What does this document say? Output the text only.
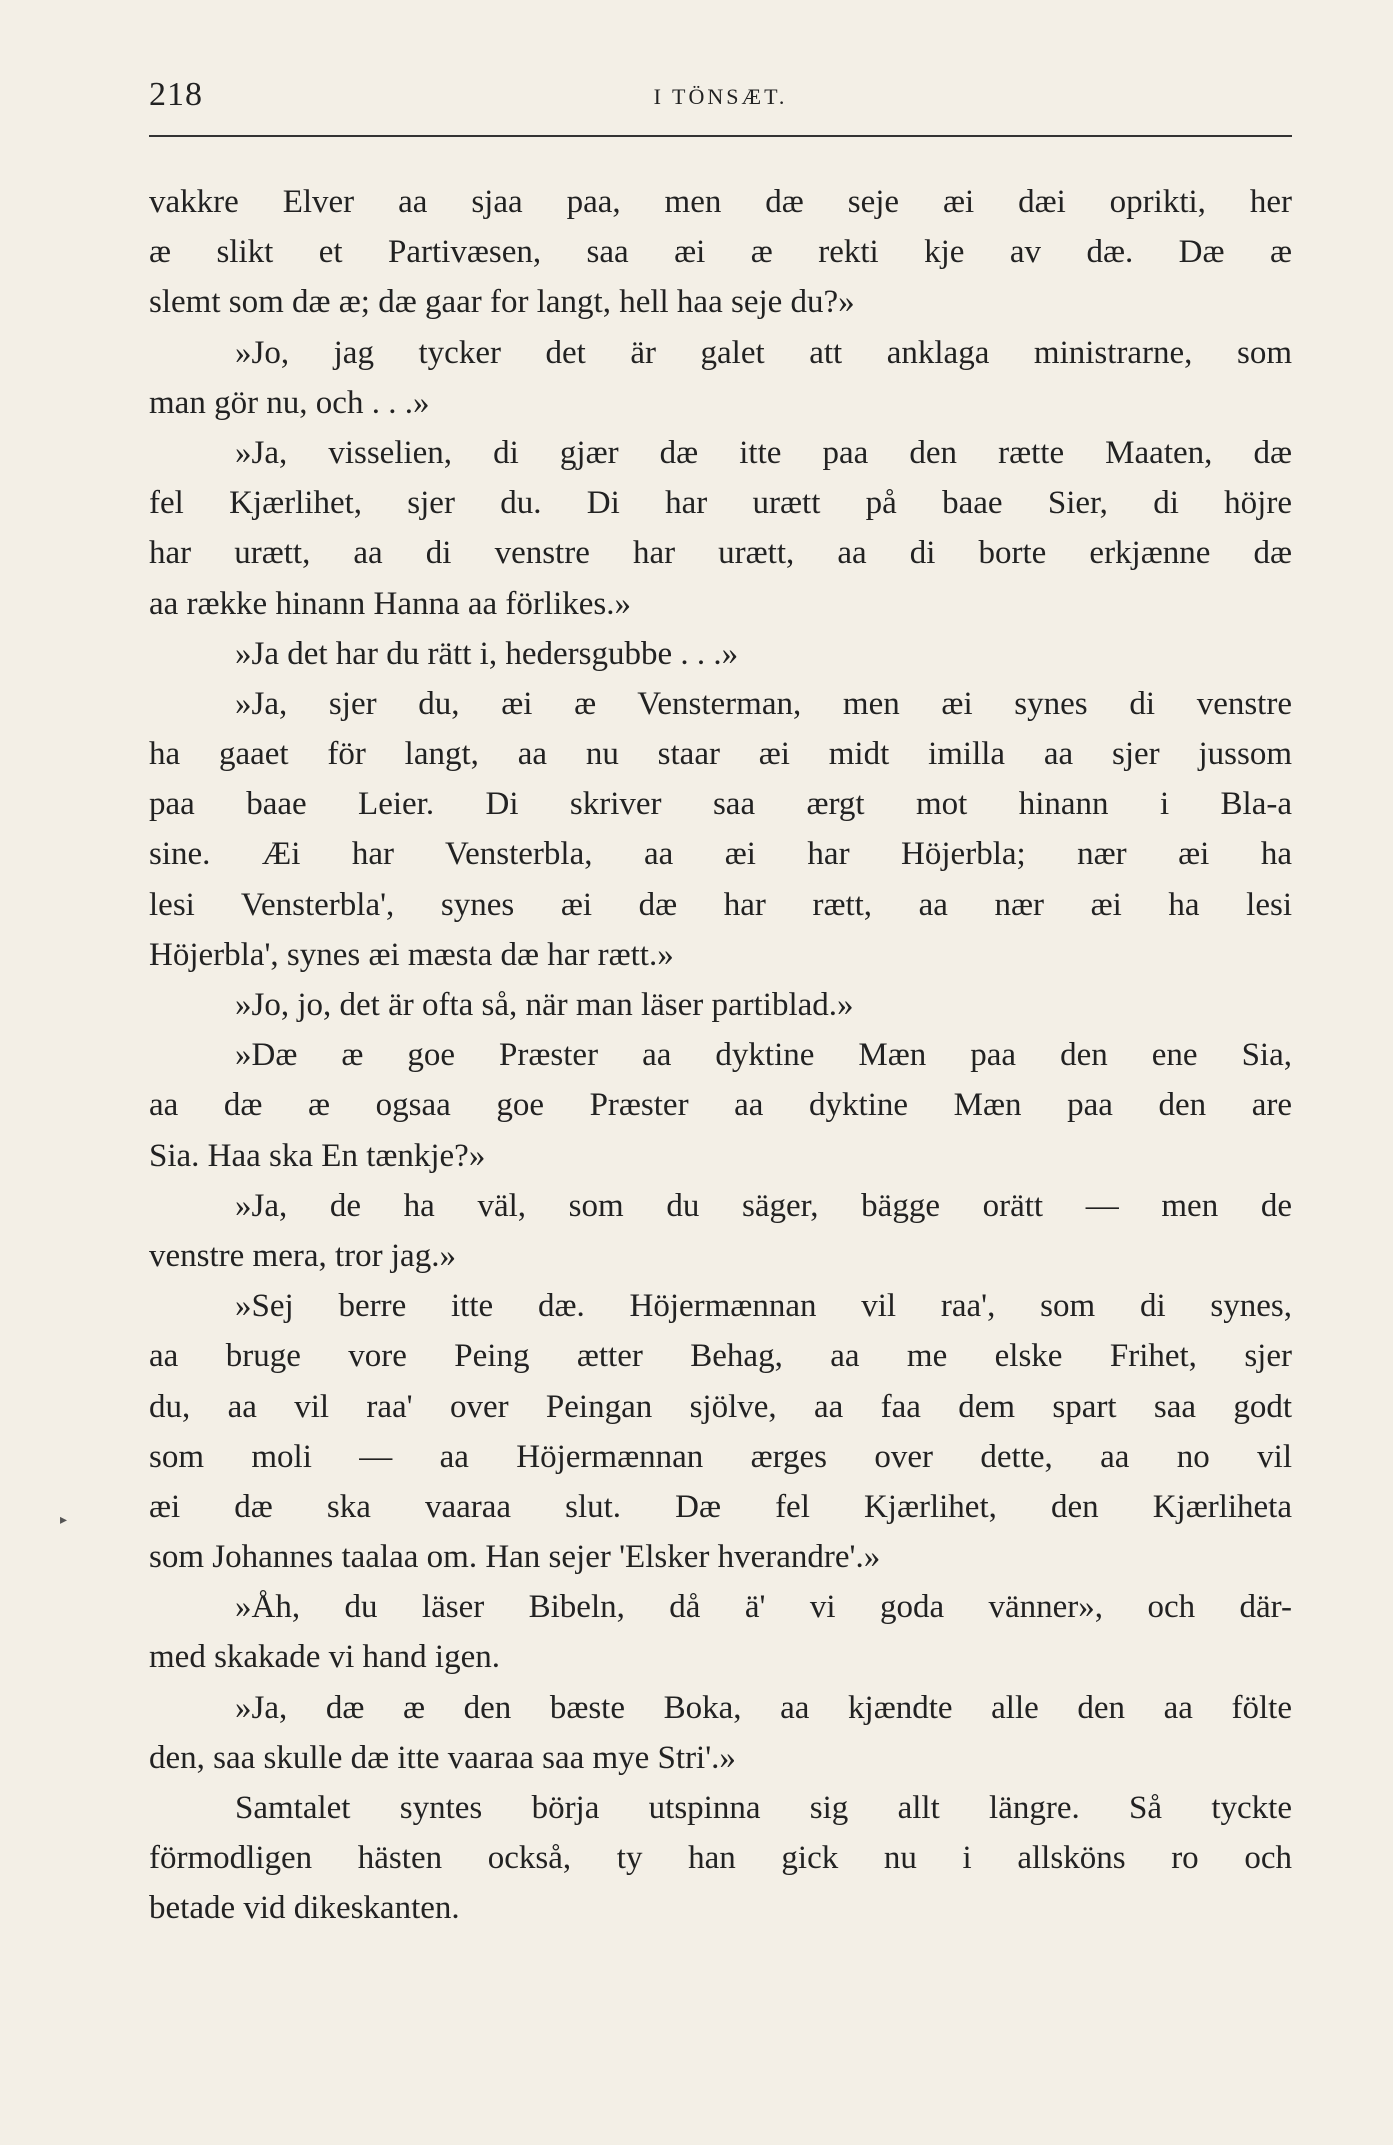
218	I TÖNSÆT.
▸
vakkre Elver aa sjaa paa, men dæ seje æi dæi oprikti, her
æ slikt et Partivæsen, saa æi æ rekti kje av dæ. Dæ æ
slemt som dæ æ; dæ gaar for langt, hell haa seje du?»
»Jo, jag tycker det är galet att anklaga ministrarne, som
man gör nu, och . . .»
»Ja, visselien, di gjær dæ itte paa den rætte Maaten, dæ
fel Kjærlihet, sjer du. Di har urætt på baae Sier, di höjre
har urætt, aa di venstre har urætt, aa di borte erkjænne dæ
aa række hinann Hanna aa förlikes.»
»Ja det har du rätt i, hedersgubbe . . .»
»Ja, sjer du, æi æ Vensterman, men æi synes di venstre
ha gaaet för langt, aa nu staar æi midt imilla aa sjer jussom
paa baae Leier. Di skriver saa ærgt mot hinann i Bla-a
sine. Æi har Vensterbla, aa æi har Höjerbla; nær æi ha
lesi Vensterbla', synes æi dæ har rætt, aa nær æi ha lesi
Höjerbla', synes æi mæsta dæ har rætt.»
»Jo, jo, det är ofta så, när man läser partiblad.»
»Dæ æ goe Præster aa dyktine Mæn paa den ene Sia,
aa dæ æ ogsaa goe Præster aa dyktine Mæn paa den are
Sia. Haa ska En tænkje?»
»Ja, de ha väl, som du säger, bägge orätt — men de
venstre mera, tror jag.»
»Sej berre itte dæ. Höjermænnan vil raa', som di synes,
aa bruge vore Peing ætter Behag, aa me elske Frihet, sjer
du, aa vil raa' over Peingan sjölve, aa faa dem spart saa godt
som moli — aa Höjermænnan ærges over dette, aa no vil
æi dæ ska vaaraa slut. Dæ fel Kjærlihet, den Kjærliheta
som Johannes taalaa om. Han sejer 'Elsker hverandre'.»
»Åh, du läser Bibeln, då ä' vi goda vänner», och där-
med skakade vi hand igen.
»Ja, dæ æ den bæste Boka, aa kjændte alle den aa fölte
den, saa skulle dæ itte vaaraa saa mye Stri'.»
Samtalet syntes börja utspinna sig allt längre. Så tyckte
förmodligen hästen också, ty han gick nu i allsköns ro och
betade vid dikeskanten.
